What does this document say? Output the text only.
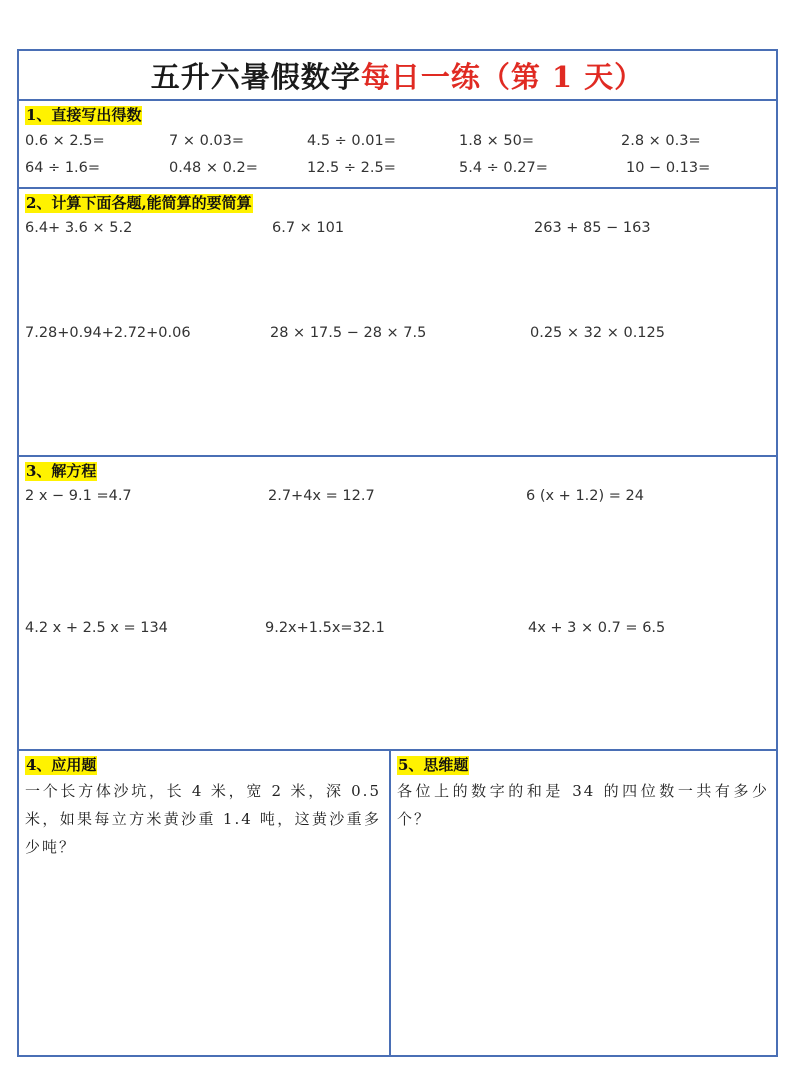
五升六暑假数学 每日一练（第 1 天）
1、直接写出得数
0.6 × 2.5=	7 × 0.03=	4.5 ÷ 0.01=	1.8 × 50=	2.8 × 0.3=
64 ÷ 1.6=	0.48 × 0.2=	12.5 ÷ 2.5=	5.4 ÷ 0.27=	10 − 0.13=
2、计算下面各题,能简算的要简算
6.4+ 3.6 × 5.2	6.7 × 101	263 + 85 − 163
7.28+0.94+2.72+0.06	28 × 17.5 − 28 × 7.5	0.25 × 32 × 0.125
3、解方程
2 x − 9.1 =4.7	2.7+4x = 12.7	6 (x + 1.2) = 24
4.2 x + 2.5 x = 134	9.2x+1.5x=32.1	4x + 3 × 0.7 = 6.5
4、应用题
一个长方体沙坑，长 4 米，宽 2 米，深 0.5 米，如果每立方米黄沙重 1.4 吨，这黄沙重多少吨？
5、思维题
各位上的数字的和是 34 的四位数一共有多少个？
